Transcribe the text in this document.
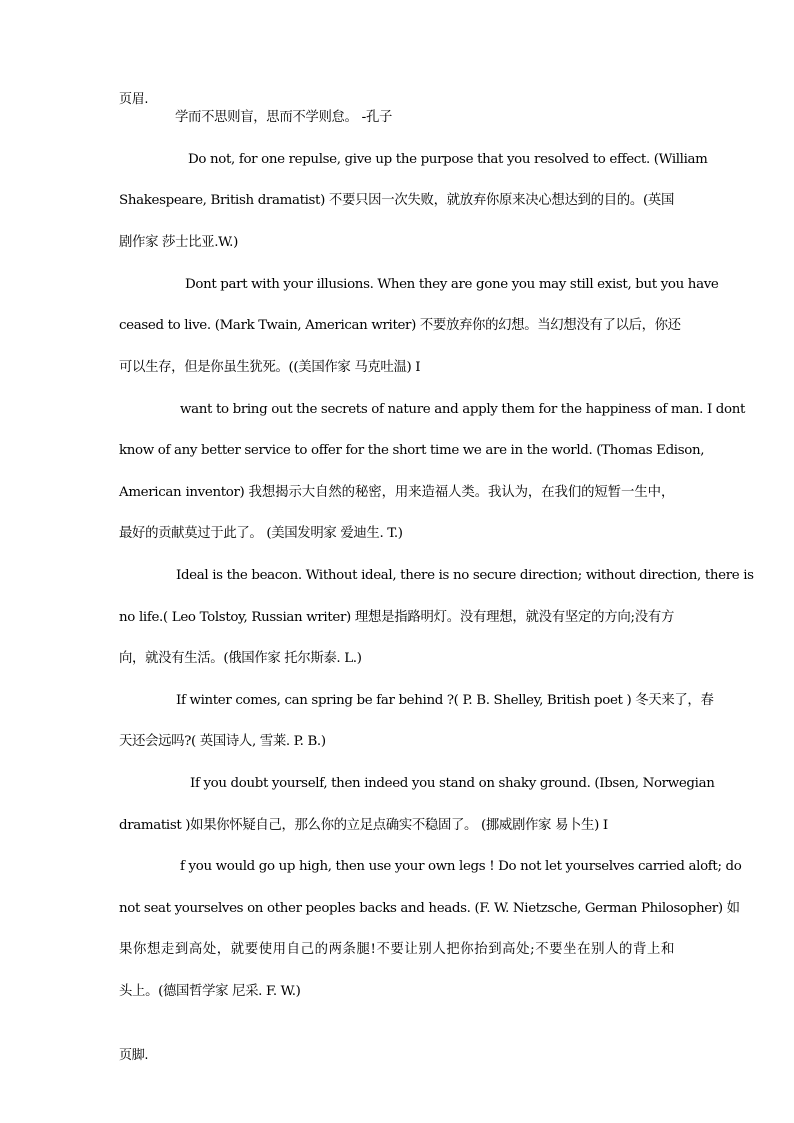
页眉.
学而不思则盲，思而不学则怠。 -孔子
Do not, for one repulse, give up the purpose that you resolved to effect. (William
Shakespeare, British dramatist) 不要只因一次失败，就放弃你原来决心想达到的目的。(英国
剧作家 莎士比亚.W.)
Dont part with your illusions. When they are gone you may still exist, but you have
ceased to live. (Mark Twain, American writer) 不要放弃你的幻想。当幻想没有了以后，你还
可以生存，但是你虽生犹死。((美国作家 马克吐温) I
want to bring out the secrets of nature and apply them for the happiness of man. I dont
know of any better service to offer for the short time we are in the world. (Thomas Edison,
American inventor) 我想揭示大自然的秘密，用来造福人类。我认为，在我们的短暂一生中，
最好的贡献莫过于此了。 (美国发明家 爱迪生. T.)
Ideal is the beacon. Without ideal, there is no secure direction; without direction, there is
no life.( Leo Tolstoy, Russian writer) 理想是指路明灯。没有理想，就没有坚定的方向;没有方
向，就没有生活。(俄国作家 托尔斯泰. L.)
If winter comes, can spring be far behind ?( P. B. Shelley, British poet ) 冬天来了，春
天还会远吗?( 英国诗人, 雪莱. P. B.)
If you doubt yourself, then indeed you stand on shaky ground. (Ibsen, Norwegian
dramatist )如果你怀疑自己，那么你的立足点确实不稳固了。 (挪威剧作家 易卜生) I
f you would go up high, then use your own legs ! Do not let yourselves carried aloft; do
not seat yourselves on other peoples backs and heads. (F. W. Nietzsche, German Philosopher) 如
果你想走到高处，就要使用自己的两条腿!不要让别人把你抬到高处;不要坐在别人的背上和
头上。(德国哲学家 尼采. F. W.)
页脚.
